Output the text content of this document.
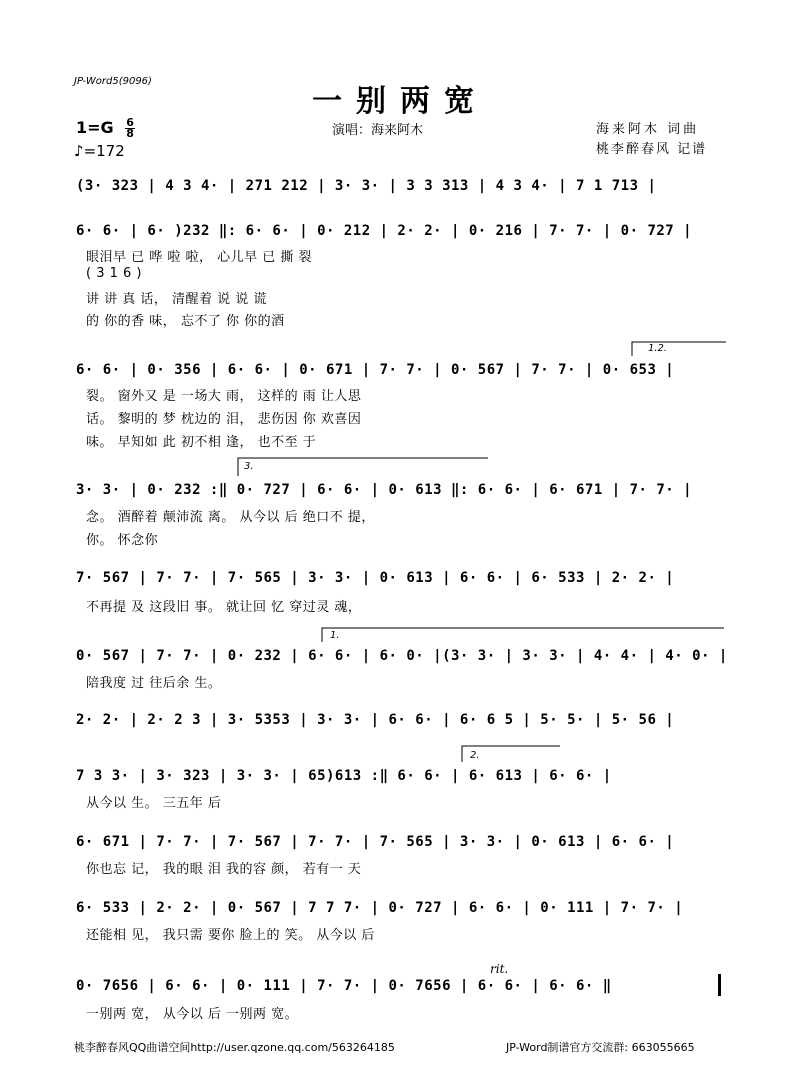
JP-Word5(9096)
一别两宽
演唱：海来阿木
$1=G \frac{6}{8}$
♪=172
海来阿木 词曲
桃李醉春风 记谱
(3· 323 | 4 3 4· | 271 212 | 3· 3· | 3 3 313 | 4 3 4· | 7 1 713 |
6· 6· | 6· )232 ‖: 6· 6· | 0· 212 | 2· 2· | 0· 216 | 7· 7· | 0· 727 |
眼泪早 已 哗 啦 啦， 心儿早 已 撕 裂
( 3 1 6 )
讲 讲 真 话， 清醒着 说 说 谎
的 你的香 味， 忘不了 你 你的酒
1.2.
6· 6· | 0· 356 | 6· 6· | 0· 671 | 7· 7· | 0· 567 | 7· 7· | 0· 653 |
裂。 窗外又 是 一场大 雨， 这样的 雨 让人思
话。 黎明的 梦 枕边的 泪， 悲伤因 你 欢喜因
味。 早知如 此 初不相 逢， 也不至 于
3.
3· 3· | 0· 232 :‖ 0· 727 | 6· 6· | 0· 613 ‖: 6· 6· | 6· 671 | 7· 7· |
念。 酒醉着 颠沛流 离。 从今以 后 绝口不 提，
你。 怀念你
7· 567 | 7· 7· | 7· 565 | 3· 3· | 0· 613 | 6· 6· | 6· 533 | 2· 2· |
不再提 及 这段旧 事。 就让回 忆 穿过灵 魂，
1.
0· 567 | 7· 7· | 0· 232 | 6· 6· | 6· 0· |(3· 3· | 3· 3· | 4· 4· | 4· 0· |
陪我度 过 往后余 生。
2· 2· | 2· 2 3 | 3· 5353 | 3· 3· | 6· 6· | 6· 6 5 | 5· 5· | 5· 56 |
2.
7 3 3· | 3· 323 | 3· 3· | 65)613 :‖ 6· 6· | 6· 613 | 6· 6· |
从今以 生。 三五年 后
6· 671 | 7· 7· | 7· 567 | 7· 7· | 7· 565 | 3· 3· | 0· 613 | 6· 6· |
你也忘 记， 我的眼 泪 我的容 颜， 若有一 天
6· 533 | 2· 2· | 0· 567 | 7 7 7· | 0· 727 | 6· 6· | 0· 111 | 7· 7· |
还能相 见， 我只需 要你 脸上的 笑。 从今以 后
rit.
0· 7656 | 6· 6· | 0· 111 | 7· 7· | 0· 7656 | 6· 6· | 6· 6· ‖
一别两 宽， 从今以 后 一别两 宽。
桃李醉春风QQ曲谱空间http://user.qzone.qq.com/563264185	JP-Word制谱官方交流群: 663055665
